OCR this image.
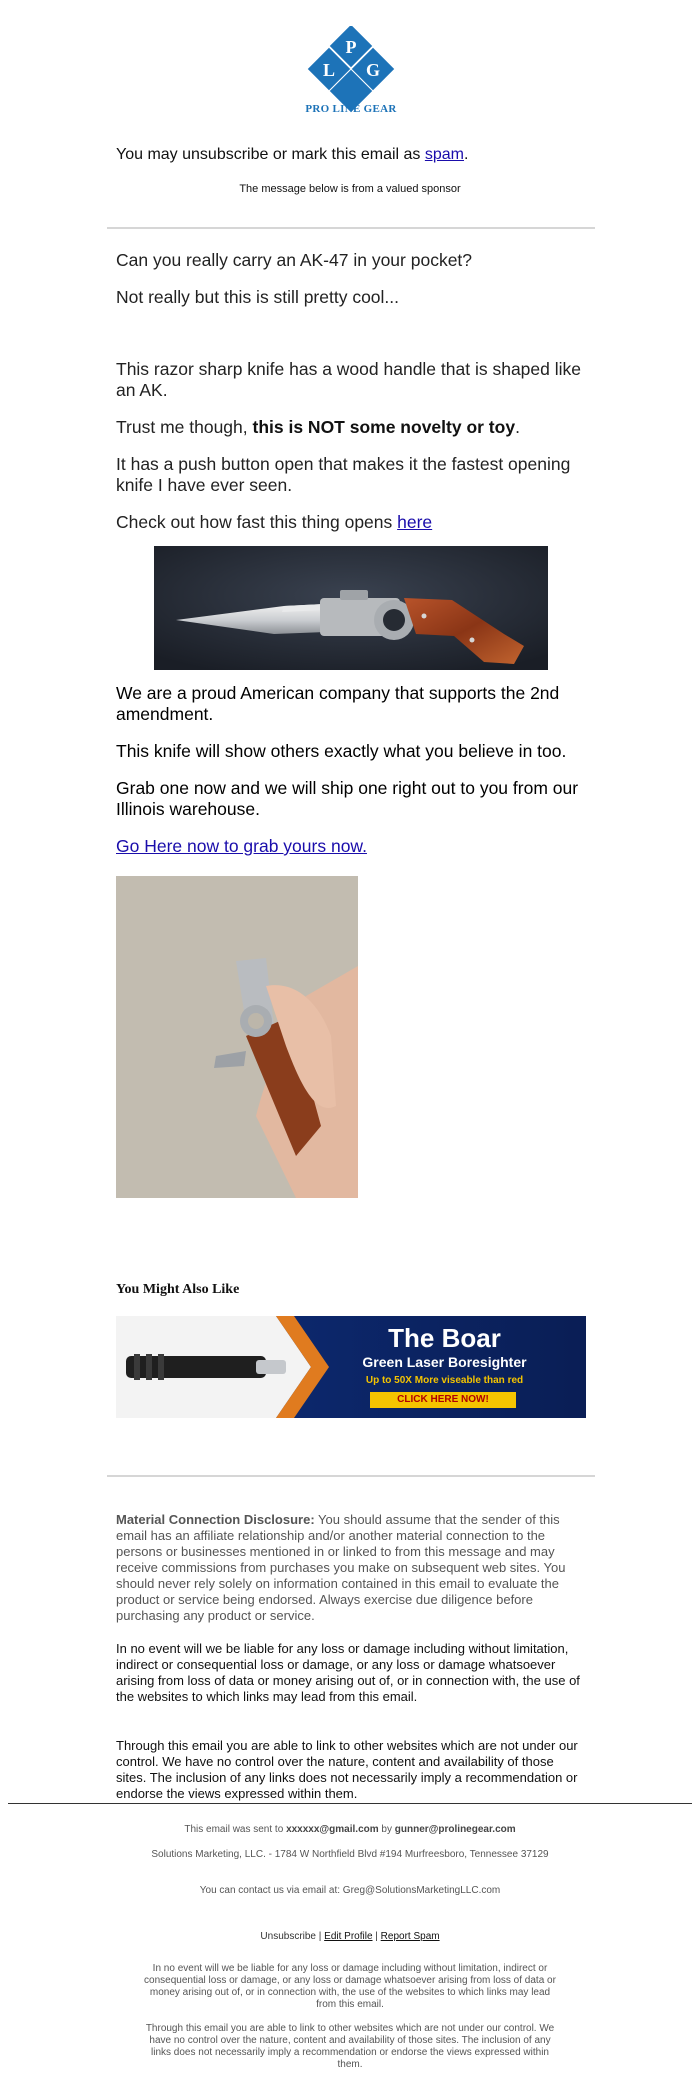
P
L G
PRO LINE GEAR
You may unsubscribe or mark this email as spam.
The message below is from a valued sponsor

Can you really carry an AK-47 in your pocket?

Not really but this is still pretty cool...

This razor sharp knife has a wood handle that is shaped like an AK.

Trust me though, this is NOT some novelty or toy.

It has a push button open that makes it the fastest opening knife I have ever seen.

Check out how fast this thing opens here

We are a proud American company that supports the 2nd amendment.

This knife will show others exactly what you believe in too.

Grab one now and we will ship one right out to you from our Illinois warehouse.

Go Here now to grab yours now.

You Might Also Like
The Boar
Green Laser Boresighter
Up to 50X More viseable than red
CLICK HERE NOW!

Material Connection Disclosure: You should assume that the sender of this email has an affiliate relationship and/or another material connection to the persons or businesses mentioned in or linked to from this message and may receive commissions from purchases you make on subsequent web sites. You should never rely solely on information contained in this email to evaluate the product or service being endorsed. Always exercise due diligence before purchasing any product or service.

In no event will we be liable for any loss or damage including without limitation, indirect or consequential loss or damage, or any loss or damage whatsoever arising from loss of data or money arising out of, or in connection with, the use of the websites to which links may lead from this email.

Through this email you are able to link to other websites which are not under our control. We have no control over the nature, content and availability of those sites. The inclusion of any links does not necessarily imply a recommendation or endorse the views expressed within them.

This email was sent to xxxxxx@gmail.com by gunner@prolinegear.com

Solutions Marketing, LLC. - 1784 W Northfield Blvd #194 Murfreesboro, Tennessee 37129

You can contact us via email at: Greg@SolutionsMarketingLLC.com

Unsubscribe | Edit Profile | Report Spam

In no event will we be liable for any loss or damage including without limitation, indirect or consequential loss or damage, or any loss or damage whatsoever arising from loss of data or money arising out of, or in connection with, the use of the websites to which links may lead from this email.

Through this email you are able to link to other websites which are not under our control. We have no control over the nature, content and availability of those sites. The inclusion of any links does not necessarily imply a recommendation or endorse the views expressed within them.
